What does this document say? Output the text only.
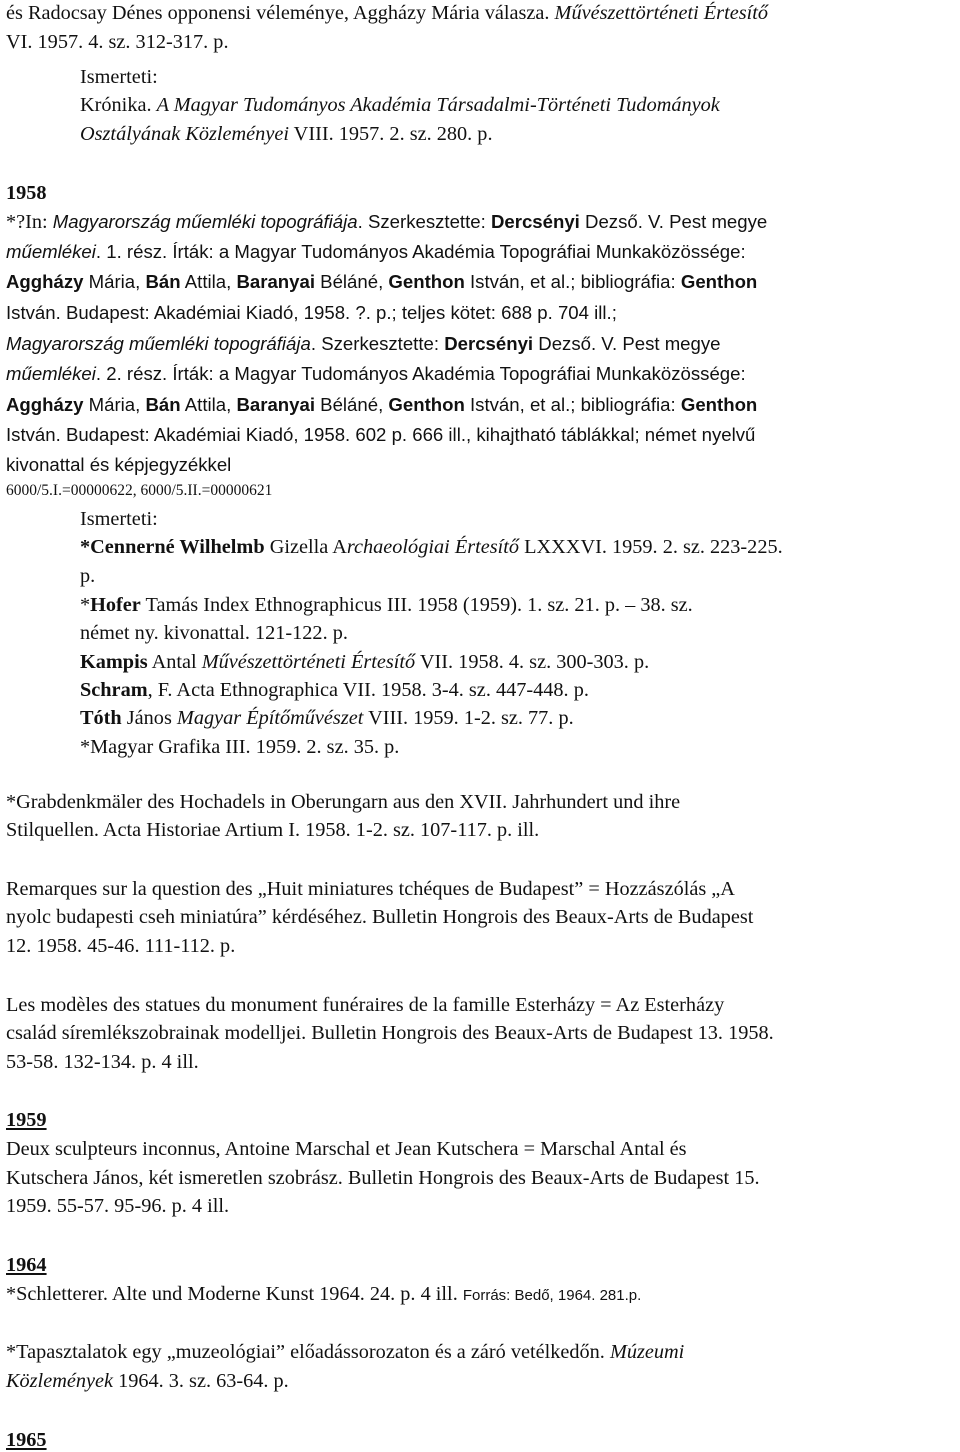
és Radocsay Dénes opponensi véleménye, Aggházy Mária válasza. Művészettörténeti Értesítő
VI. 1957. 4. sz. 312-317. p.
Ismerteti:
Krónika. A Magyar Tudományos Akadémia Társadalmi-Történeti Tudományok
Osztályának Közleményei VIII. 1957. 2. sz. 280. p.
1958
*?In: Magyarország műemléki topográfiája. Szerkesztette: Dercsényi Dezső. V. Pest megye
műemlékei. 1. rész. Írták: a Magyar Tudományos Akadémia Topográfiai Munkaközössége:
Aggházy Mária, Bán Attila, Baranyai Béláné, Genthon István, et al.; bibliográfia: Genthon
István. Budapest: Akadémiai Kiadó, 1958. ?. p.; teljes kötet: 688 p. 704 ill.;
Magyarország műemléki topográfiája. Szerkesztette: Dercsényi Dezső. V. Pest megye
műemlékei. 2. rész. Írták: a Magyar Tudományos Akadémia Topográfiai Munkaközössége:
Aggházy Mária, Bán Attila, Baranyai Béláné, Genthon István, et al.; bibliográfia: Genthon
István. Budapest: Akadémiai Kiadó, 1958. 602 p. 666 ill., kihajtható táblákkal; német nyelvű
kivonattal és képjegyzékkel
6000/5.I.=00000622, 6000/5.II.=00000621
Ismerteti:
*Cennerné Wilhelmb Gizella Archaeológiai Értesítő LXXXVI. 1959. 2. sz. 223-225.
p.
*Hofer Tamás Index Ethnographicus III. 1958 (1959). 1. sz. 21. p. – 38. sz.
német ny. kivonattal. 121-122. p.
Kampis Antal Művészettörténeti Értesítő VII. 1958. 4. sz. 300-303. p.
Schram, F. Acta Ethnographica VII. 1958. 3-4. sz. 447-448. p.
Tóth János Magyar Építőművészet VIII. 1959. 1-2. sz. 77. p.
*Magyar Grafika III. 1959. 2. sz. 35. p.
*Grabdenkmäler des Hochadels in Oberungarn aus den XVII. Jahrhundert und ihre
Stilquellen. Acta Historiae Artium I. 1958. 1-2. sz. 107-117. p. ill.
Remarques sur la question des „Huit miniatures tchéques de Budapest” = Hozzászólás „A
nyolc budapesti cseh miniatúra” kérdéséhez. Bulletin Hongrois des Beaux-Arts de Budapest
12. 1958. 45-46. 111-112. p.
Les modèles des statues du monument funéraires de la famille Esterházy = Az Esterházy
család síremlékszobrainak modelljei. Bulletin Hongrois des Beaux-Arts de Budapest 13. 1958.
53-58. 132-134. p. 4 ill.
1959
Deux sculpteurs inconnus, Antoine Marschal et Jean Kutschera = Marschal Antal és
Kutschera János, két ismeretlen szobrász. Bulletin Hongrois des Beaux-Arts de Budapest 15.
1959. 55-57. 95-96. p. 4 ill.
1964
*Schletterer. Alte und Moderne Kunst 1964. 24. p. 4 ill. Forrás: Bedő, 1964. 281.p.
*Tapasztalatok egy „muzeológiai” előadássorozaton és a záró vetélkedőn. Múzeumi
Közlemények 1964. 3. sz. 63-64. p.
1965
